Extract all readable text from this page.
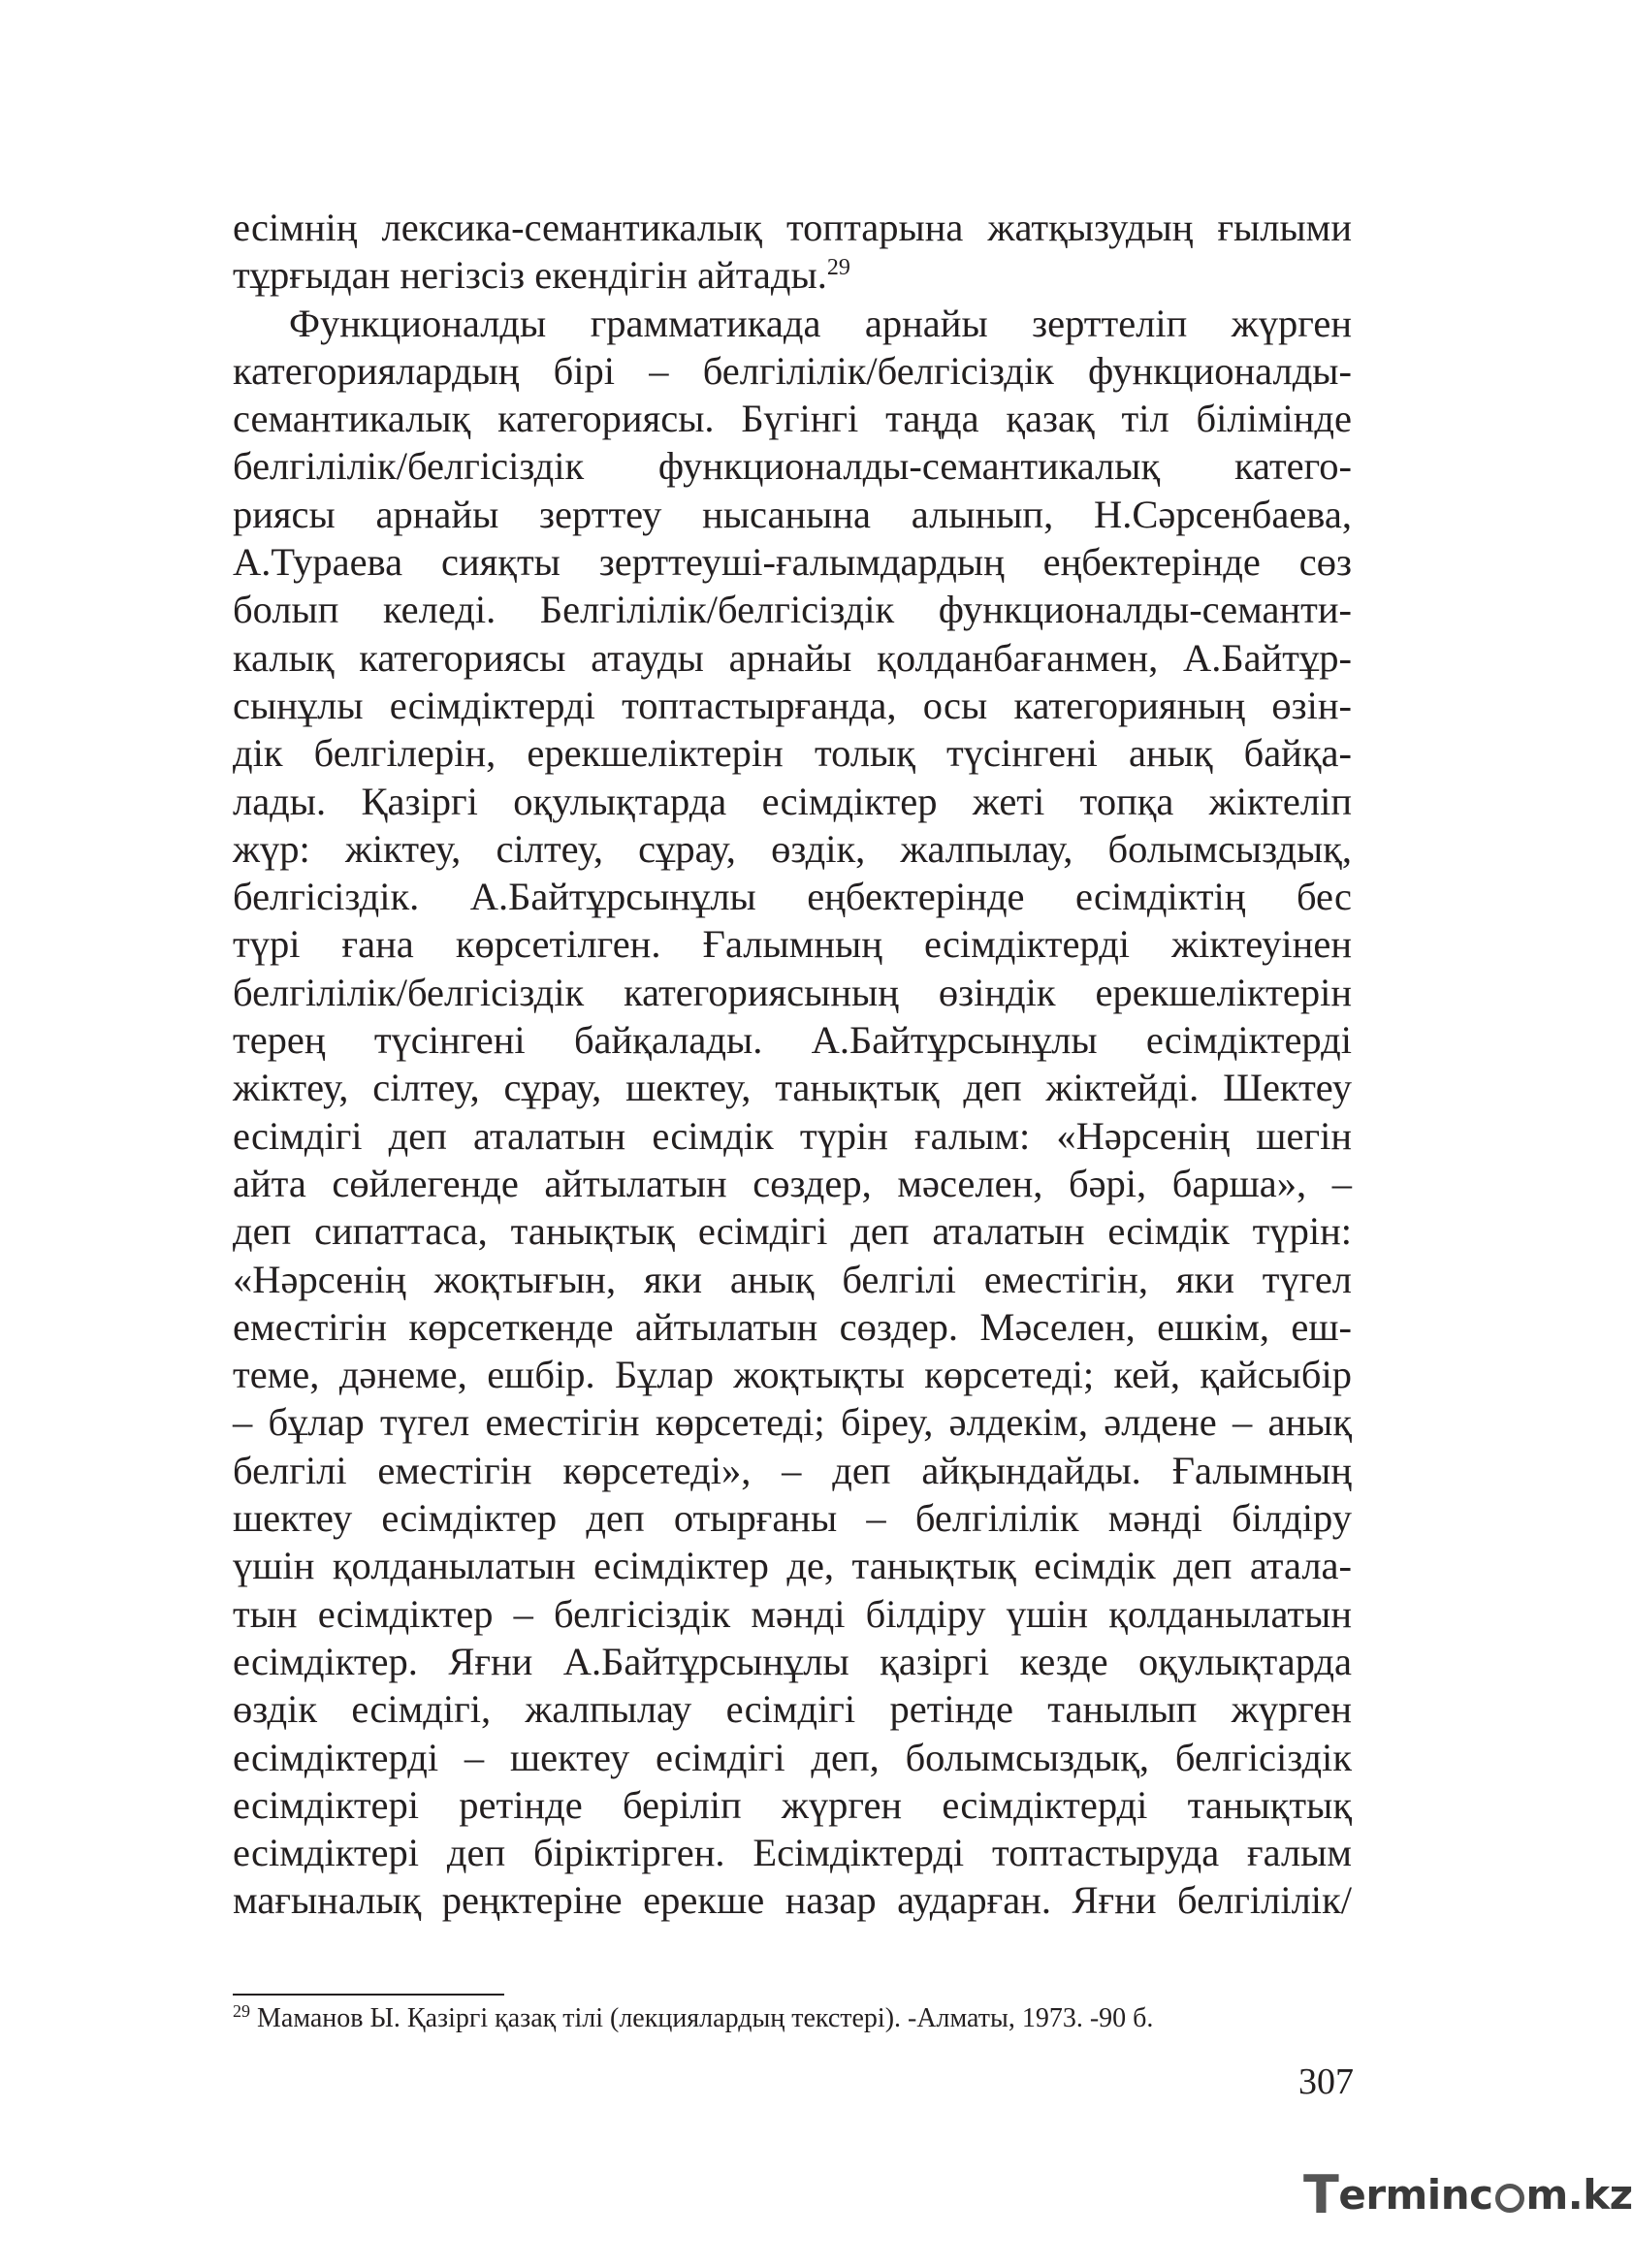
есімнің лексика-семантикалық топтарына жатқызудың ғылыми
тұрғыдан негізсіз екендігін айтады.$^{29}$
Функционалды грамматикада арнайы зерттеліп жүрген
категориялардың бірі – белгілілік/белгісіздік функционалды-
семантикалық категориясы. Бүгінгі таңда қазақ тіл білімінде
белгілілік/белгісіздік функционалды-семантикалық катего-
риясы арнайы зерттеу нысанына алынып, Н.Сәрсенбаева,
А.Тураева сияқты зерттеуші-ғалымдардың еңбектерінде сөз
болып келеді. Белгілілік/белгісіздік функционалды-семанти-
калық категориясы атауды арнайы қолданбағанмен, А.Байтұр-
сынұлы есімдіктерді топтастырғанда, осы категорияның өзін-
дік белгілерін, ерекшеліктерін толық түсінгені анық байқа-
лады. Қазіргі оқулықтарда есімдіктер жеті топқа жіктеліп
жүр: жіктеу, сілтеу, сұрау, өздік, жалпылау, болымсыздық,
белгісіздік. А.Байтұрсынұлы еңбектерінде есімдіктің бес
түрі ғана көрсетілген. Ғалымның есімдіктерді жіктеуінен
белгілілік/белгісіздік категориясының өзіндік ерекшеліктерін
терең түсінгені байқалады. А.Байтұрсынұлы есімдіктерді
жіктеу, сілтеу, сұрау, шектеу, танықтық деп жіктейді. Шектеу
есімдігі деп аталатын есімдік түрін ғалым: «Нәрсенің шегін
айта сөйлегенде айтылатын сөздер, мәселен, бәрі, барша», –
деп сипаттаса, танықтық есімдігі деп аталатын есімдік түрін:
«Нәрсенің жоқтығын, яки анық белгілі еместігін, яки түгел
еместігін көрсеткенде айтылатын сөздер. Мәселен, ешкім, еш-
теме, дәнеме, ешбір. Бұлар жоқтықты көрсетеді; кей, қайсыбір
– бұлар түгел еместігін көрсетеді; біреу, әлдекім, әлдене – анық
белгілі еместігін көрсетеді», – деп айқындайды. Ғалымның
шектеу есімдіктер деп отырғаны – белгілілік мәнді білдіру
үшін қолданылатын есімдіктер де, танықтық есімдік деп атала-
тын есімдіктер – белгісіздік мәнді білдіру үшін қолданылатын
есімдіктер. Яғни А.Байтұрсынұлы қазіргі кезде оқулықтарда
өздік есімдігі, жалпылау есімдігі ретінде танылып жүрген
есімдіктерді – шектеу есімдігі деп, болымсыздық, белгісіздік
есімдіктері ретінде беріліп жүрген есімдіктерді танықтық
есімдіктері деп біріктірген. Есімдіктерді топтастыруда ғалым
мағыналық реңктеріне ерекше назар аударған. Яғни белгілілік/
$^{29}$ Маманов Ы. Қазіргі қазақ тілі (лекциялардың текстері). -Алматы, 1973. -90 б.
307
Terminc m.kz
